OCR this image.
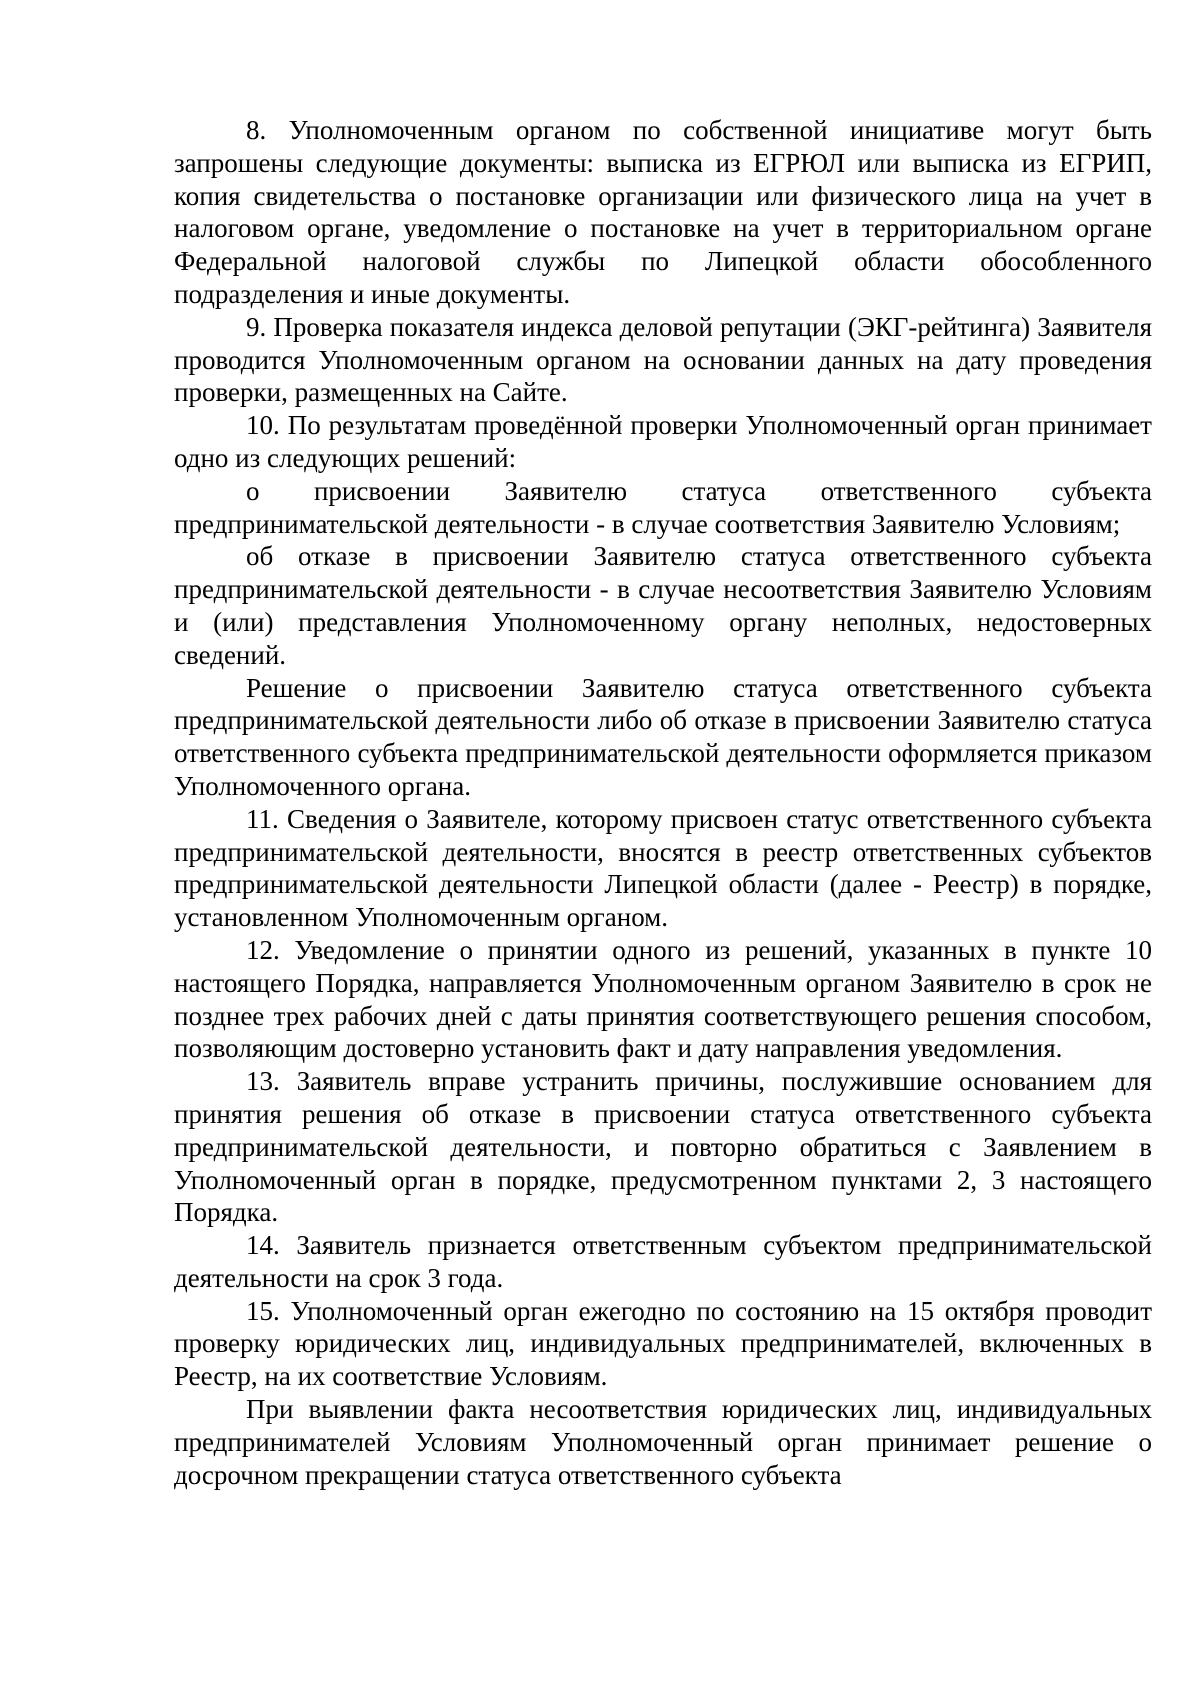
8. Уполномоченным органом по собственной инициативе могут быть запрошены следующие документы: выписка из ЕГРЮЛ или выписка из ЕГРИП, копия свидетельства о постановке организации или физического лица на учет в налоговом органе, уведомление о постановке на учет в территориальном органе Федеральной налоговой службы по Липецкой области обособленного подразделения и иные документы.

9. Проверка показателя индекса деловой репутации (ЭКГ-рейтинга) Заявителя проводится Уполномоченным органом на основании данных на дату проведения проверки, размещенных на Сайте.

10. По результатам проведённой проверки Уполномоченный орган принимает одно из следующих решений:

о присвоении Заявителю статуса ответственного субъекта предпринимательской деятельности - в случае соответствия Заявителю Условиям;

об отказе в присвоении Заявителю статуса ответственного субъекта предпринимательской деятельности - в случае несоответствия Заявителю Условиям и (или) представления Уполномоченному органу неполных, недостоверных сведений.

Решение о присвоении Заявителю статуса ответственного субъекта предпринимательской деятельности либо об отказе в присвоении Заявителю статуса ответственного субъекта предпринимательской деятельности оформляется приказом Уполномоченного органа.

11. Сведения о Заявителе, которому присвоен статус ответственного субъекта предпринимательской деятельности, вносятся в реестр ответственных субъектов предпринимательской деятельности Липецкой области (далее - Реестр) в порядке, установленном Уполномоченным органом.

12. Уведомление о принятии одного из решений, указанных в пункте 10 настоящего Порядка, направляется Уполномоченным органом Заявителю в срок не позднее трех рабочих дней с даты принятия соответствующего решения способом, позволяющим достоверно установить факт и дату направления уведомления.

13. Заявитель вправе устранить причины, послужившие основанием для принятия решения об отказе в присвоении статуса ответственного субъекта предпринимательской деятельности, и повторно обратиться с Заявлением в Уполномоченный орган в порядке, предусмотренном пунктами 2, 3 настоящего Порядка.

14. Заявитель признается ответственным субъектом предпринимательской деятельности на срок 3 года.

15. Уполномоченный орган ежегодно по состоянию на 15 октября проводит проверку юридических лиц, индивидуальных предпринимателей, включенных в Реестр, на их соответствие Условиям.

При выявлении факта несоответствия юридических лиц, индивидуальных предпринимателей Условиям Уполномоченный орган принимает решение о досрочном прекращении статуса ответственного субъекта
